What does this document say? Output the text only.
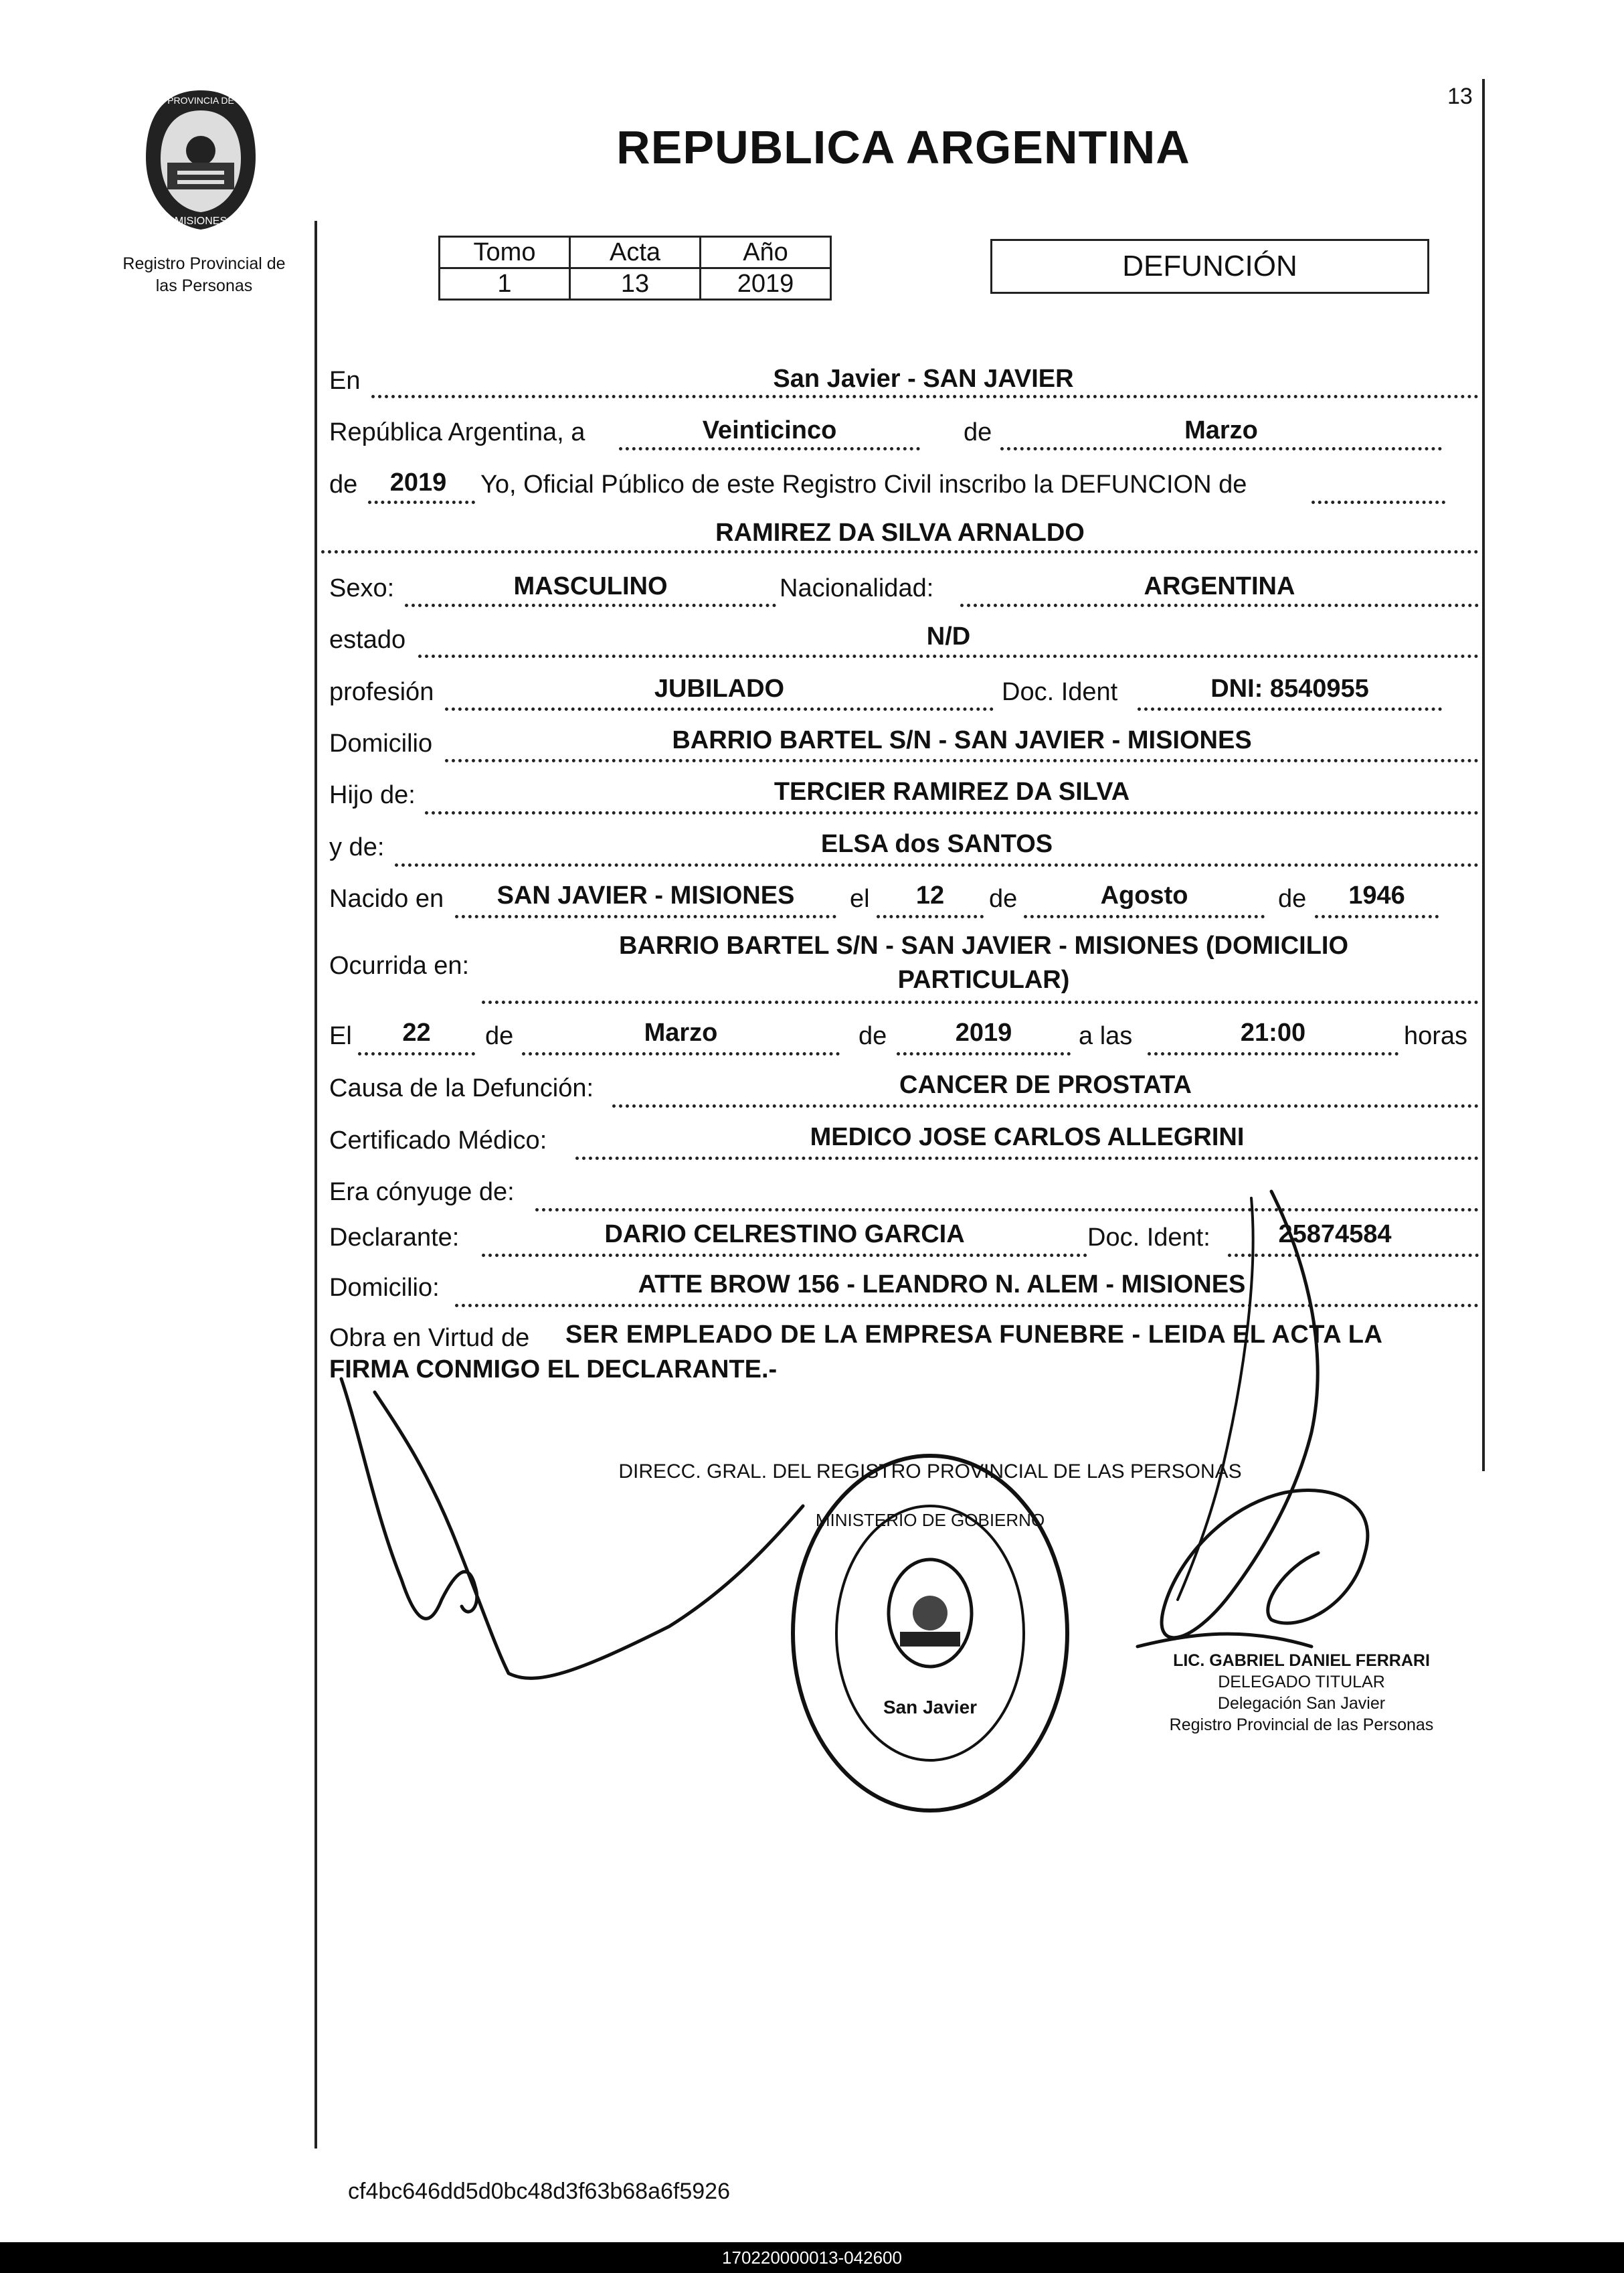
PROVINCIA DE
MISIONES
Registro Provincial de
las Personas
13
REPUBLICA ARGENTINA
Tomo	Acta	Año
1	13	2019
DEFUNCIÓN
En	San Javier - SAN JAVIER
República Argentina, a	Veinticinco	de	Marzo
de	2019	Yo, Oficial Público de este Registro Civil inscribo la DEFUNCION de
RAMIREZ DA SILVA ARNALDO
Sexo:	MASCULINO	Nacionalidad:	ARGENTINA
estado	N/D
profesión	JUBILADO	Doc. Ident	DNI: 8540955
Domicilio	BARRIO BARTEL S/N - SAN JAVIER - MISIONES
Hijo de:	TERCIER RAMIREZ DA SILVA
y de:	ELSA dos SANTOS
Nacido en	SAN JAVIER - MISIONES	el	12	de	Agosto	de	1946
Ocurrida en:
BARRIO BARTEL S/N - SAN JAVIER - MISIONES (DOMICILIO
PARTICULAR)
El	22	de	Marzo	de	2019	a las	21:00	horas
Causa de la Defunción:	CANCER DE PROSTATA
Certificado Médico:	MEDICO JOSE CARLOS ALLEGRINI
Era cónyuge de:
Declarante:	DARIO CELRESTINO GARCIA	Doc. Ident:	25874584
Domicilio:	ATTE BROW 156 - LEANDRO N. ALEM - MISIONES
Obra en Virtud de SER EMPLEADO DE LA EMPRESA FUNEBRE - LEIDA EL ACTA LA
FIRMA CONMIGO EL DECLARANTE.-
DIRECC. GRAL. DEL REGISTRO PROVINCIAL DE LAS PERSONAS
MINISTERIO DE GOBIERNO
San Javier
LIC. GABRIEL DANIEL FERRARI
DELEGADO TITULAR
Delegación San Javier
Registro Provincial de las Personas
cf4bc646dd5d0bc48d3f63b68a6f5926
170220000013-042600
